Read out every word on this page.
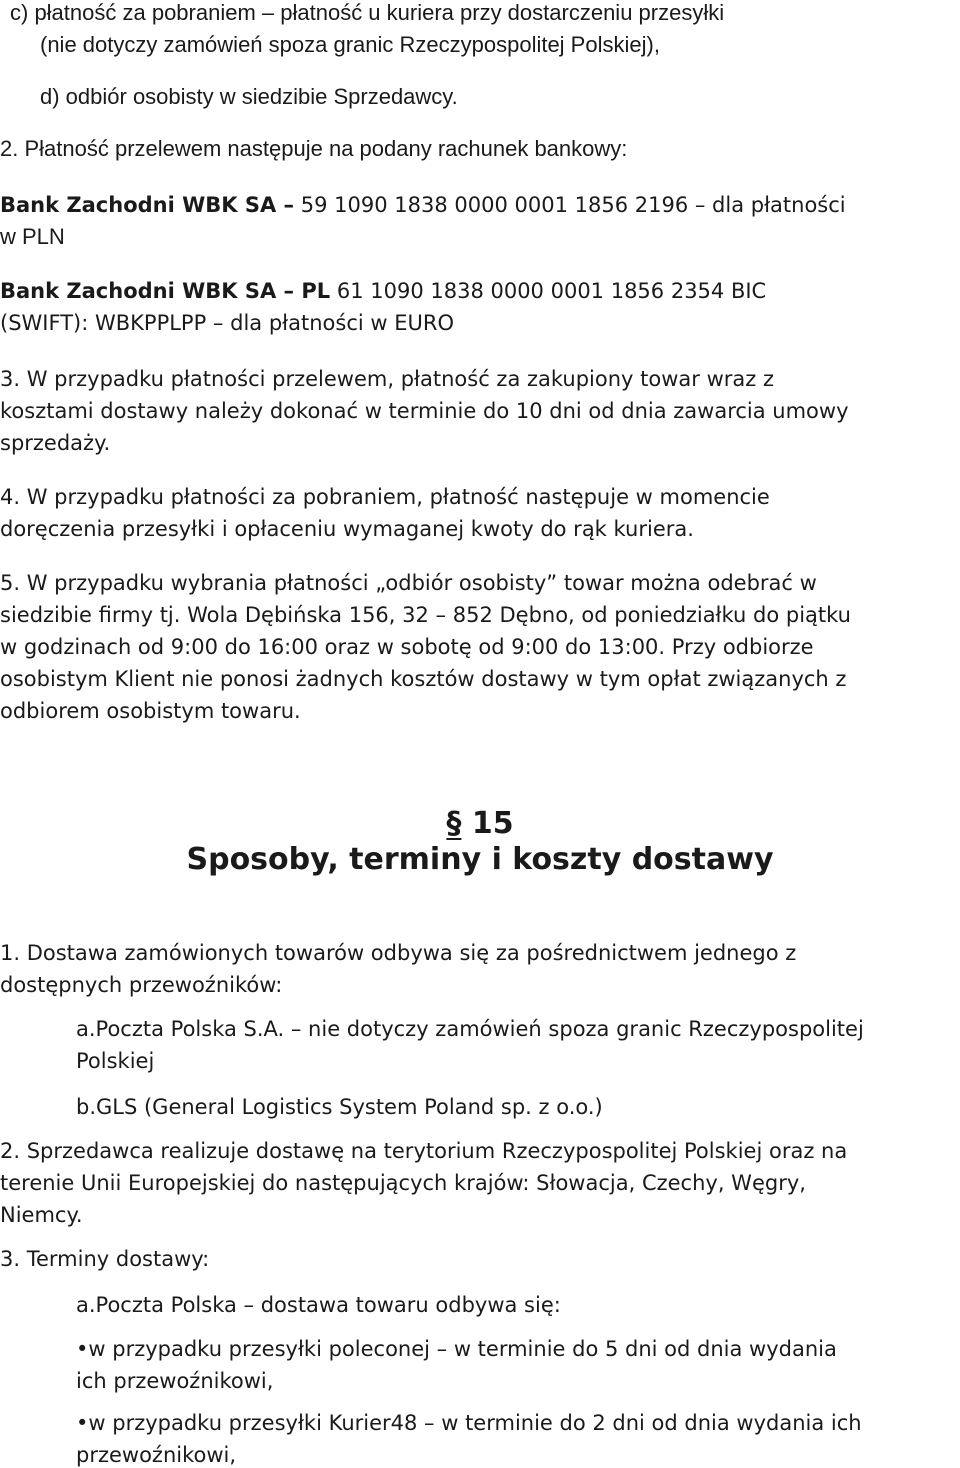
c) płatność za pobraniem – płatność u kuriera przy dostarczeniu przesyłki
(nie dotyczy zamówień spoza granic Rzeczypospolitej Polskiej),
d) odbiór osobisty w siedzibie Sprzedawcy.
2. Płatność przelewem następuje na podany rachunek bankowy:
Bank Zachodni WBK SA – 59 1090 1838 0000 0001 1856 2196 – dla płatności
w PLN
Bank Zachodni WBK SA – PL 61 1090 1838 0000 0001 1856 2354 BIC
(SWIFT): WBKPPLPP – dla płatności w EURO
3. W przypadku płatności przelewem, płatność za zakupiony towar wraz z
kosztami dostawy należy dokonać w terminie do 10 dni od dnia zawarcia umowy
sprzedaży.
4. W przypadku płatności za pobraniem, płatność następuje w momencie
doręczenia przesyłki i opłaceniu wymaganej kwoty do rąk kuriera.
5. W przypadku wybrania płatności „odbiór osobisty” towar można odebrać w
siedzibie firmy tj. Wola Dębińska 156, 32 – 852 Dębno, od poniedziałku do piątku
w godzinach od 9:00 do 16:00 oraz w sobotę od 9:00 do 13:00. Przy odbiorze
osobistym Klient nie ponosi żadnych kosztów dostawy w tym opłat związanych z
odbiorem osobistym towaru.
§ 15
Sposoby, terminy i koszty dostawy
1. Dostawa zamówionych towarów odbywa się za pośrednictwem jednego z
dostępnych przewoźników:
a.Poczta Polska S.A. – nie dotyczy zamówień spoza granic Rzeczypospolitej
Polskiej
b.GLS (General Logistics System Poland sp. z o.o.)
2. Sprzedawca realizuje dostawę na terytorium Rzeczypospolitej Polskiej oraz na
terenie Unii Europejskiej do następujących krajów: Słowacja, Czechy, Węgry,
Niemcy.
3. Terminy dostawy:
a.Poczta Polska – dostawa towaru odbywa się:
•w przypadku przesyłki poleconej – w terminie do 5 dni od dnia wydania
ich przewoźnikowi,
•w przypadku przesyłki Kurier48 – w terminie do 2 dni od dnia wydania ich
przewoźnikowi,
